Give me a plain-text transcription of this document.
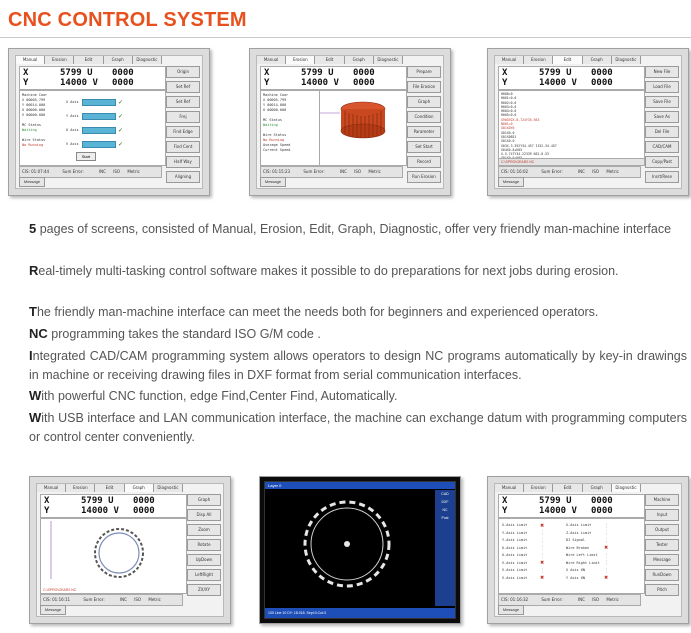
CNC CONTROL SYSTEM
Manual	Erosion	Edit	Graph	Diagnostic
X	5799 U 0000
Y	14000 V 0000
Origin
Set Ref
Set Ref
Frej
Find Edge
Find Cent
Half Way
Aligning
Machine Coor
X 00005.799
Y 00014.000
U 00000.000
V 00000.000

MC Status
Waiting

Wire Status
No Running
X Axis	✓
Y Axis	✓
U Axis	✓
V Axis	✓
Start
CIS: 01:07:44	Sum Error:	INC ISO Metric
Message
Manual	Erosion	Edit	Graph	Diagnostic
X	5799 U 0000
Y	14000 V 0000
Prepare
File Erosion
Graph
Condition
Parameter
Set Start
Record
Run Erosion
Machine Coor
X 00005.799
Y 00014.000
U 00000.000

MC Status
Waiting

Wire Status
No Running
Average Speed
Current Speed
CIS: 01:15:23	Sum Error:	INC ISO Metric
Message
Manual	Erosion	Edit	Graph	Diagnostic
X	5799 U 0000
Y	14000 V 0000
New File
Load File
Save File
Save As
Del File
CAD/CAM
Copy/Past
Insrt/Rese
H000=0
H001=0.0
H002=0.0
H003=0.0
H004=0.0
H005=0.0
G90G92X-8.724Y35.563
N001=0
G01X0Y0
G01X0.0
G01X0B31
G01X0.0
G03X-3.392Y34.457 I152-34.457
G04X0.8+K05
X-5.747Y34.22339 K62-0.53

C:\SPRO\GEAR2.NC
CIS: 01:16:02	Sum Error:	INC ISO Metric
Message
5 pages of screens, consisted of Manual, Erosion, Edit, Graph, Diagnostic, offer very friendly man-machine interface
Real-timely multi-tasking control software makes it possible to do preparations for next jobs during erosion.
The friendly man-machine interface can meet the needs both for beginners and experienced operators.
NC programming takes the standard ISO G/M code .
Integrated CAD/CAM programming system allows operators to design NC programs automatically by key-in drawings in machine or receiving drawing files in DXF format from serial communication interfaces.
With powerful CNC function, edge Find,Center Find, Automatically.
With USB interface and LAN communication interface, the machine can exchange datum with programming computers or control center conveniently.
Manual	Erosion	Edit	Graph	Diagnostic
X	5799 U 0000
Y	14000 V 0000
Graph
Disp All
Zoom
Rotate
UpDown
LeftRight
ZX/XY
C:\SPRO\GEAR2.NC
CIS: 01:16:11	Sum Error:	INC ISO Metric
Message
Layer 0
CAD
DXF
NC
Post
100 Line 10 DY: 18.018. Sept:0.Cut:3
Manual	Erosion	Edit	Graph	Diagnostic
X	5799 U 0000
Y	14000 V 0000
Machine
Input
Output
Tester
Message
RunDown
Pitch
X-Axis Limit	✖	X-Axis Limit	⋮
Y-Axis Limit	⋮	Z-Axis Limit	⋮
Y-Axis Limit	⋮	DI Signal	⋮
U-Axis Limit	⋮	Wire Broken	✖
U-Axis Limit	⋮	Wire Left Limit	⋮
V-Axis Limit	✖	Wire Right Limit ⋮
V-Axis Limit	⋮	X Axis ON	⋮
V-Axis Limit	✖	Y Axis ON	✖
CIS: 01:16:32	Sum Error:	INC ISO Metric
Message
